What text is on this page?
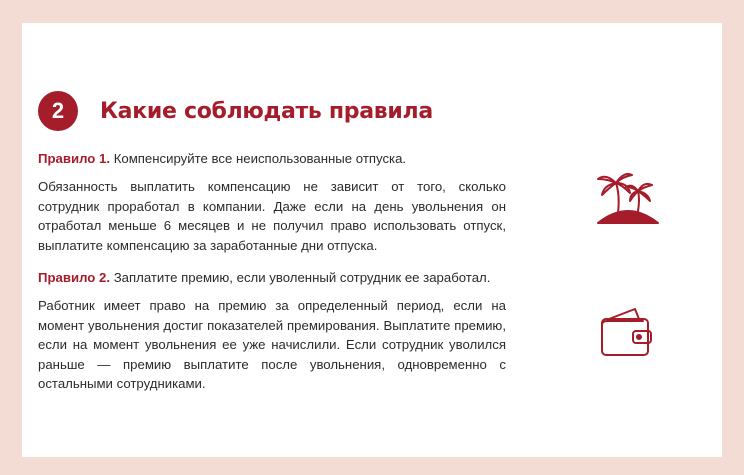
2	Какие соблюдать правила

Правило 1. Компенсируйте все неиспользованные отпуска.

Обязанность выплатить компенсацию не зависит от того, сколько сотрудник проработал в компании. Даже если на день увольнения он отработал меньше 6 месяцев и не получил право использовать отпуск, выплатите компенсацию за заработанные дни отпуска.

Правило 2. Заплатите премию, если уволенный сотрудник ее заработал.

Работник имеет право на премию за определенный период, если на момент увольнения достиг показателей премирования. Выплатите премию, если на момент увольнения ее уже начислили. Если сотрудник уволился раньше — премию выплатите после увольнения, одновременно с остальными сотрудниками.
